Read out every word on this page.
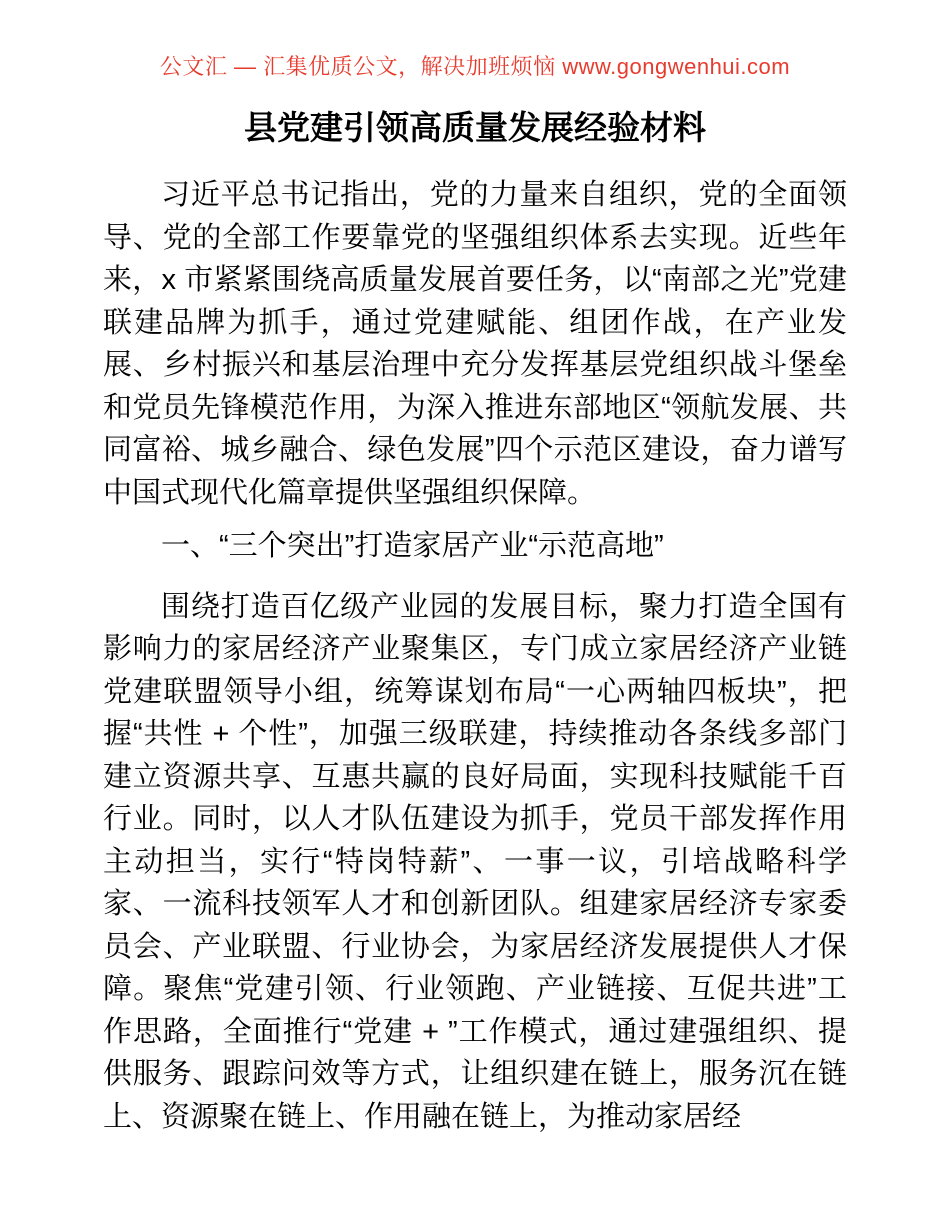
公文汇 — 汇集优质公文，解决加班烦恼 www.gongwenhui.com
县党建引领高质量发展经验材料

习近平总书记指出，党的力量来自组织，党的全面领导、党的全部工作要靠党的坚强组织体系去实现。近些年来，x 市紧紧围绕高质量发展首要任务，以“南部之光”党建联建品牌为抓手，通过党建赋能、组团作战，在产业发展、乡村振兴和基层治理中充分发挥基层党组织战斗堡垒和党员先锋模范作用，为深入推进东部地区“领航发展、共同富裕、城乡融合、绿色发展”四个示范区建设，奋力谱写中国式现代化篇章提供坚强组织保障。

一、“三个突出”打造家居产业“示范高地”

围绕打造百亿级产业园的发展目标，聚力打造全国有影响力的家居经济产业聚集区，专门成立家居经济产业链党建联盟领导小组，统筹谋划布局“一心两轴四板块”，把握“共性 + 个性”，加强三级联建，持续推动各条线多部门建立资源共享、互惠共赢的良好局面，实现科技赋能千百行业。同时，以人才队伍建设为抓手，党员干部发挥作用主动担当，实行“特岗特薪”、一事一议，引培战略科学家、一流科技领军人才和创新团队。组建家居经济专家委员会、产业联盟、行业协会，为家居经济发展提供人才保障。聚焦“党建引领、行业领跑、产业链接、互促共进”工作思路，全面推行“党建 + ”工作模式，通过建强组织、提供服务、跟踪问效等方式，让组织建在链上，服务沉在链上、资源聚在链上、作用融在链上，为推动家居经
